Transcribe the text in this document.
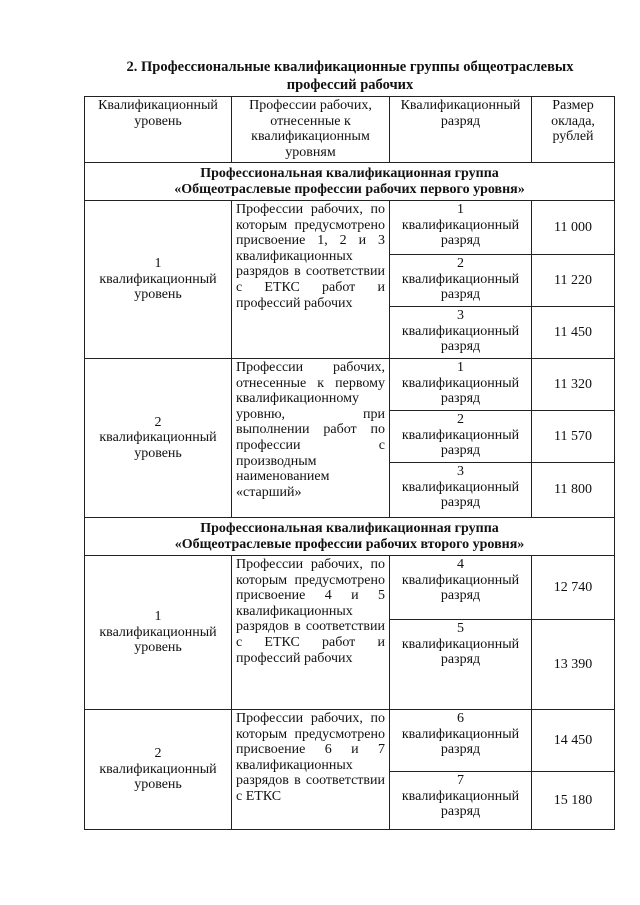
2. Профессиональные квалификационные группы общеотраслевых
профессий рабочих
Квалификационный
уровень	Профессии рабочих,
отнесенные к
квалификационным
уровням	Квалификационный
разряд	Размер
оклада,
рублей

Профессиональная квалификационная группа
«Общеотраслевые профессии рабочих первого уровня»			

1
квалификационный
уровень	Профессии рабочих, по которым предусмотрено присвоение 1, 2 и 3 квалификационных разрядов в соответствии с ЕТКС работ и профессий рабочих	1
квалификационный
разряд	11 000

		2
квалификационный
разряд	11 220

		3
квалификационный
разряд	11 450

2
квалификационный
уровень	Профессии рабочих, отнесенные к первому квалификационному уровню, при выполнении работ по профессии с производным наименованием «старший»	1
квалификационный
разряд	11 320

		2
квалификационный
разряд	11 570

		3
квалификационный
разряд	11 800

Профессиональная квалификационная группа
«Общеотраслевые профессии рабочих второго уровня»			

1
квалификационный
уровень	Профессии рабочих, по которым предусмотрено присвоение 4 и 5 квалификационных разрядов в соответствии с ЕТКС работ и профессий рабочих	4
квалификационный
разряд	12 740

		5
квалификационный
разряд	13 390

2
квалификационный
уровень	Профессии рабочих, по которым предусмотрено присвоение 6 и 7 квалификационных разрядов в соответствии с ЕТКС	6
квалификационный
разряд	14 450

		7
квалификационный
разряд	15 180
